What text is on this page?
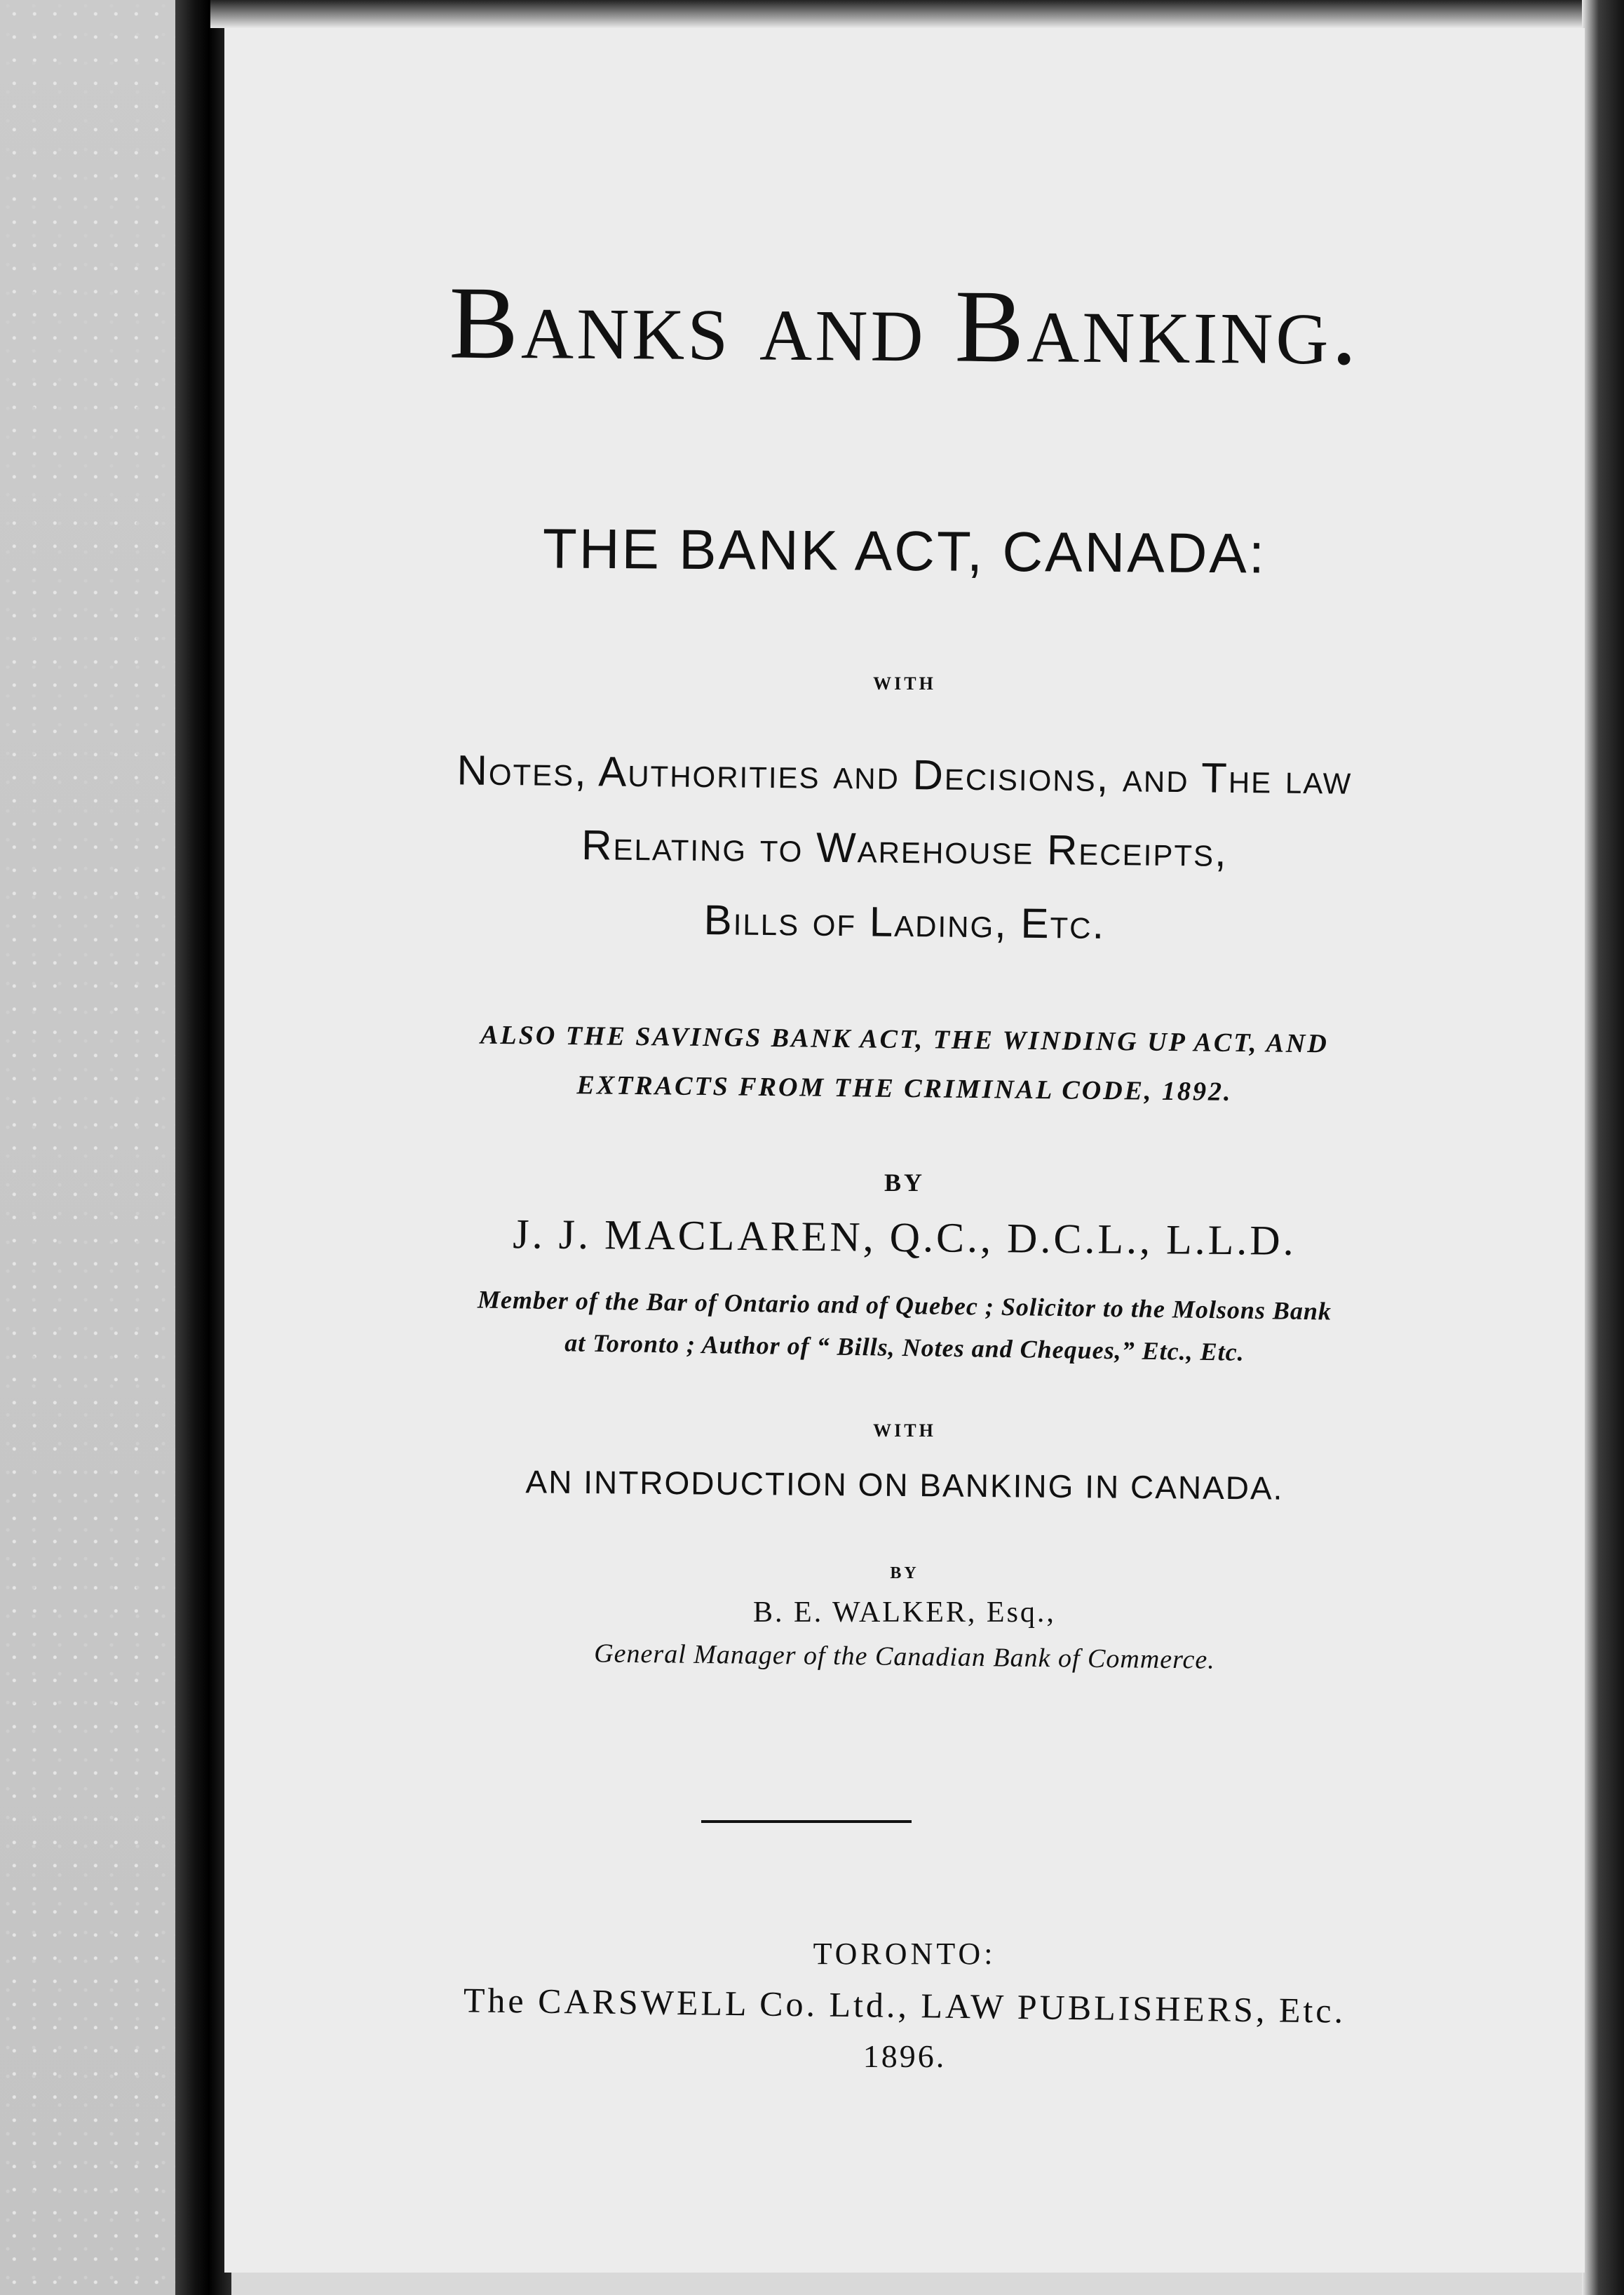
Banks and Banking.
THE BANK ACT, CANADA:
WITH
Notes, Authorities and Decisions, and The law
Relating to Warehouse Receipts,
Bills of Lading, Etc.
ALSO THE SAVINGS BANK ACT, THE WINDING UP ACT, AND
EXTRACTS FROM THE CRIMINAL CODE, 1892.
BY
J. J. MACLAREN, Q.C., D.C.L., L.L.D.
Member of the Bar of Ontario and of Quebec ; Solicitor to the Molsons Bank
at Toronto ; Author of “ Bills, Notes and Cheques,” Etc., Etc.
WITH
AN INTRODUCTION ON BANKING IN CANADA.
BY
B. E. WALKER, Esq.,
General Manager of the Canadian Bank of Commerce.
TORONTO:
The CARSWELL Co. Ltd., LAW PUBLISHERS, Etc.
1896.
